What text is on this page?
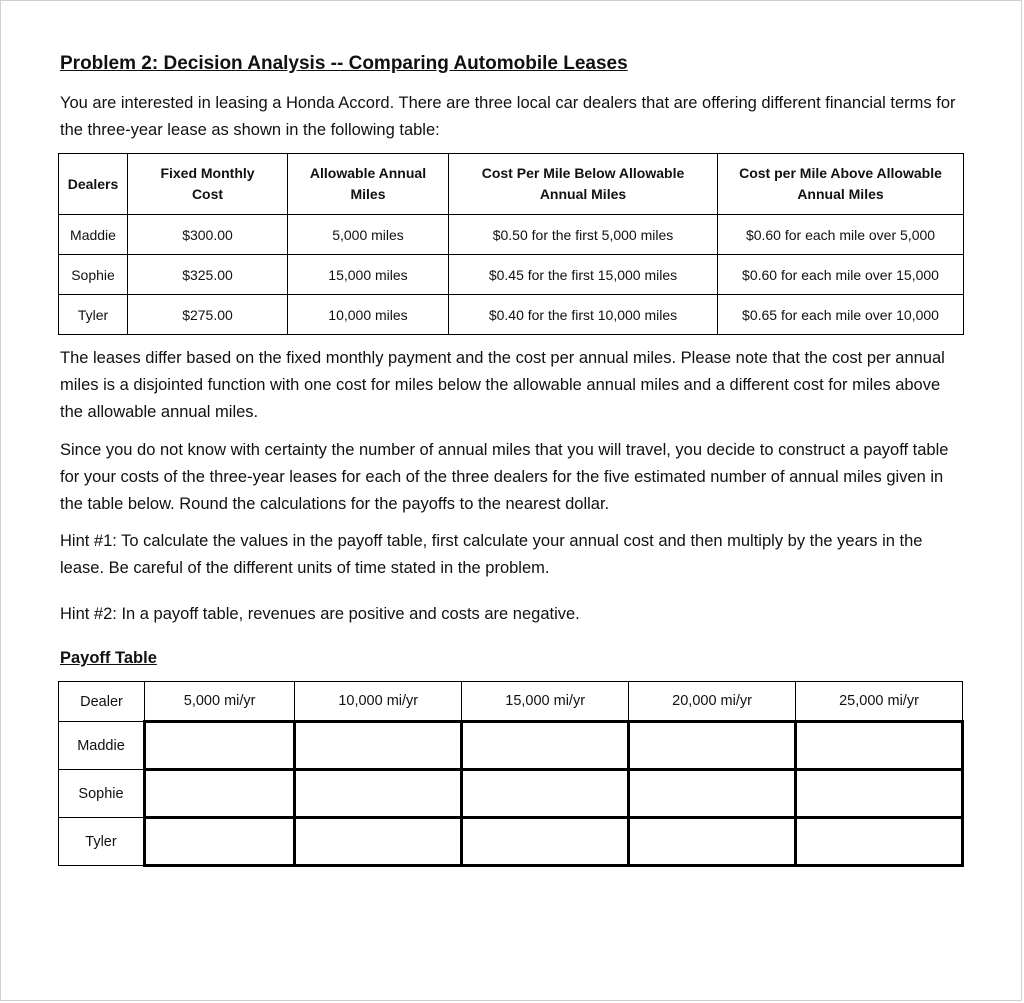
Problem 2: Decision Analysis -- Comparing Automobile Leases

You are interested in leasing a Honda Accord. There are three local car dealers that are offering different financial terms for the three-year lease as shown in the following table:

Dealers	Fixed Monthly Cost	Allowable Annual Miles	Cost Per Mile Below Allowable Annual Miles	Cost per Mile Above Allowable Annual Miles
Maddie	$300.00	5,000 miles	$0.50 for the first 5,000 miles	$0.60 for each mile over 5,000
Sophie	$325.00	15,000 miles	$0.45 for the first 15,000 miles	$0.60 for each mile over 15,000
Tyler	$275.00	10,000 miles	$0.40 for the first 10,000 miles	$0.65 for each mile over 10,000

The leases differ based on the fixed monthly payment and the cost per annual miles. Please note that the cost per annual miles is a disjointed function with one cost for miles below the allowable annual miles and a different cost for miles above the allowable annual miles.

Since you do not know with certainty the number of annual miles that you will travel, you decide to construct a payoff table for your costs of the three-year leases for each of the three dealers for the five estimated number of annual miles given in the table below. Round the calculations for the payoffs to the nearest dollar.

Hint #1: To calculate the values in the payoff table, first calculate your annual cost and then multiply by the years in the lease. Be careful of the different units of time stated in the problem.

Hint #2: In a payoff table, revenues are positive and costs are negative.

Payoff Table
Dealer	5,000 mi/yr	10,000 mi/yr	15,000 mi/yr	20,000 mi/yr	25,000 mi/yr
Maddie					
Sophie					
Tyler					
